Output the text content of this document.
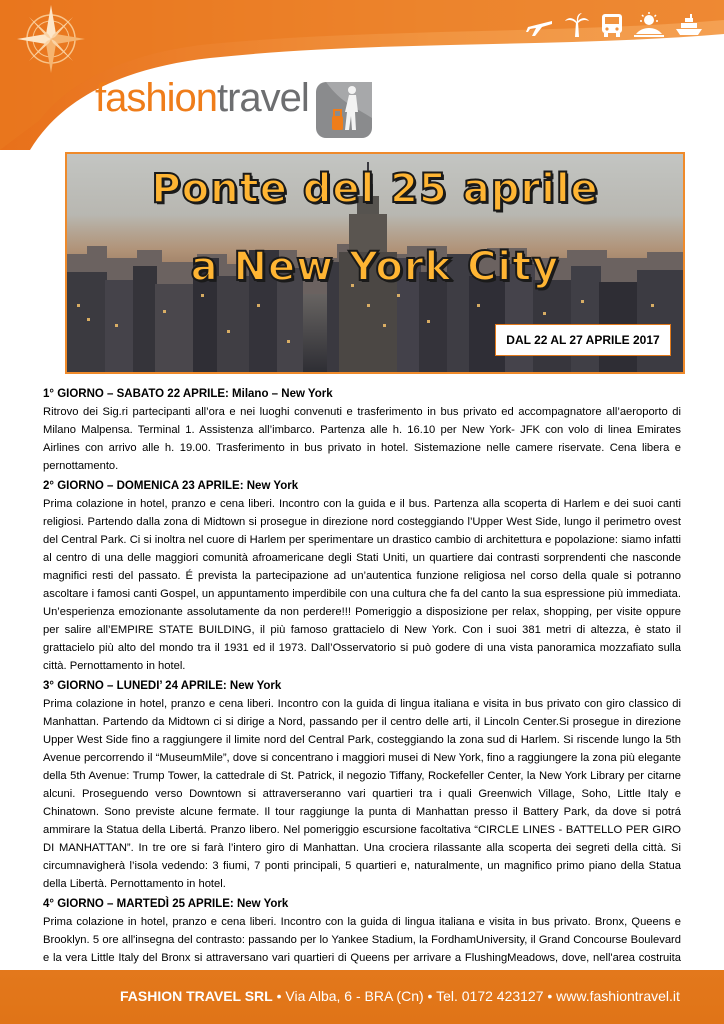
fashiontravel
Ponte del 25 aprile
a New York City
DAL 22 AL 27 APRILE 2017

1° GIORNO – SABATO 22 APRILE: Milano – New York

Ritrovo dei Sig.ri partecipanti all’ora e nei luoghi convenuti e trasferimento in bus privato ed accompagnatore all’aeroporto di Milano Malpensa. Terminal 1. Assistenza all’imbarco. Partenza alle h. 16.10 per New York- JFK con volo di linea Emirates Airlines con arrivo alle h. 19.00. Trasferimento in bus privato in hotel. Sistemazione nelle camere riservate. Cena libera e pernottamento.

2° GIORNO – DOMENICA 23 APRILE: New York

Prima colazione in hotel, pranzo e cena liberi. Incontro con la guida e il bus. Partenza alla scoperta di Harlem e dei suoi canti religiosi. Partendo dalla zona di Midtown si prosegue in direzione nord costeggiando l’Upper West Side, lungo il perimetro ovest del Central Park. Ci si inoltra nel cuore di Harlem per sperimentare un drastico cambio di architettura e popolazione: siamo infatti al centro di una delle maggiori comunità afroamericane degli Stati Uniti, un quartiere dai contrasti sorprendenti che nasconde magnifici resti del passato. É prevista la partecipazione ad un’autentica funzione religiosa nel corso della quale si potranno ascoltare i famosi canti Gospel, un appuntamento imperdibile con una cultura che fa del canto la sua espressione più immediata. Un’esperienza emozionante assolutamente da non perdere!!! Pomeriggio a disposizione per relax, shopping, per visite oppure per salire all’EMPIRE STATE BUILDING, il più famoso grattacielo di New York. Con i suoi 381 metri di altezza, è stato il grattacielo più alto del mondo tra il 1931 ed il 1973. Dall’Osservatorio si può godere di una vista panoramica mozzafiato sulla città. Pernottamento in hotel.

3° GIORNO – LUNEDI’ 24 APRILE: New York

Prima colazione in hotel, pranzo e cena liberi. Incontro con la guida di lingua italiana e visita in bus privato con giro classico di Manhattan. Partendo da Midtown ci si dirige a Nord, passando per il centro delle arti, il Lincoln Center.Si prosegue in direzione Upper West Side fino a raggiungere il limite nord del Central Park, costeggiando la zona sud di Harlem. Si riscende lungo la 5th Avenue percorrendo il “MuseumMile”, dove si concentrano i maggiori musei di New York, fino a raggiungere la zona più elegante della 5th Avenue: Trump Tower, la cattedrale di St. Patrick, il negozio Tiffany, Rockefeller Center, la New York Library per citarne alcuni. Proseguendo verso Downtown si attraverseranno vari quartieri tra i quali Greenwich Village, Soho, Little Italy e Chinatown. Sono previste alcune fermate. Il tour raggiunge la punta di Manhattan presso il Battery Park, da dove si potrá ammirare la Statua della Libertá. Pranzo libero. Nel pomeriggio escursione facoltativa “CIRCLE LINES - BATTELLO PER GIRO DI MANHATTAN”. In tre ore si farà l’intero giro di Manhattan. Una crociera rilassante alla scoperta dei segreti della città. Si circumnavigherà l’isola vedendo: 3 fiumi, 7 ponti principali, 5 quartieri e, naturalmente, un magnifico primo piano della Statua della Libertà. Pernottamento in hotel.

4° GIORNO – MARTEDÌ 25 APRILE: New York

Prima colazione in hotel, pranzo e cena liberi. Incontro con la guida di lingua italiana e visita in bus privato. Bronx, Queens e Brooklyn. 5 ore all'insegna del contrasto: passando per lo Yankee Stadium, la FordhamUniversity, il Grand Concourse Boulevard e la vera Little Italy del Bronx si attraversano vari quartieri di Queens per arrivare a FlushingMeadows, dove, nell'area costruita

FASHION TRAVEL SRL • Via Alba, 6 - BRA (Cn) • Tel. 0172 423127 • www.fashiontravel.it
